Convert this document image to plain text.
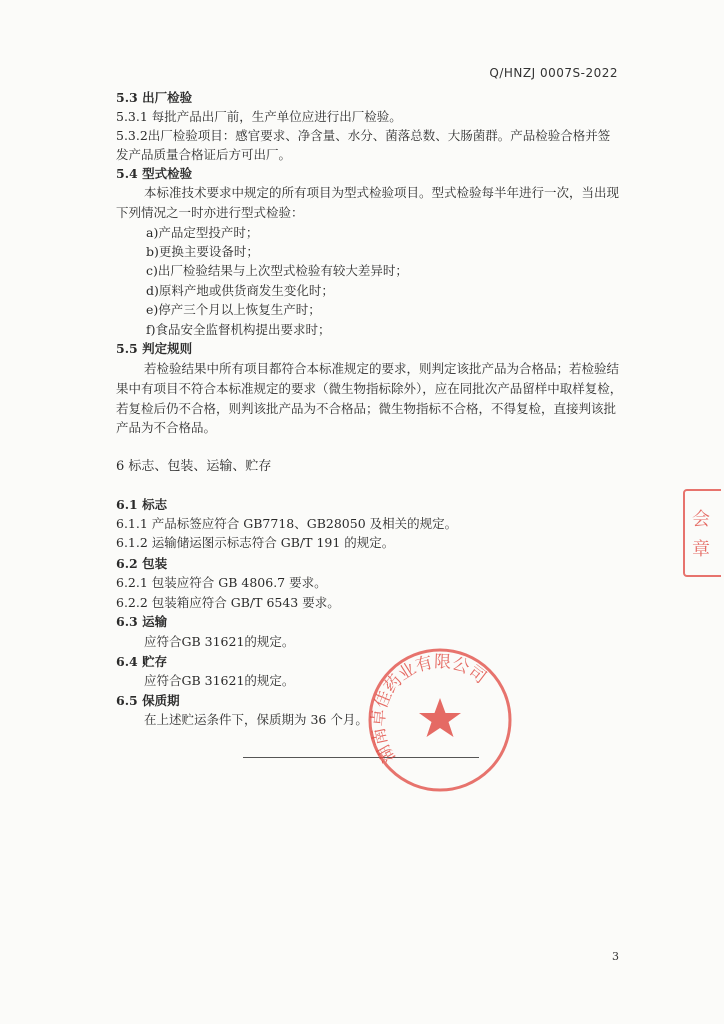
Q/HNZJ 0007S-2022
5.3 出厂检验
5.3.1 每批产品出厂前，生产单位应进行出厂检验。
5.3.2出厂检验项目：感官要求、净含量、水分、菌落总数、大肠菌群。产品检验合格并签
发产品质量合格证后方可出厂。
5.4 型式检验
本标准技术要求中规定的所有项目为型式检验项目。型式检验每半年进行一次，当出现
下列情况之一时亦进行型式检验：
a)产品定型投产时；
b)更换主要设备时；
c)出厂检验结果与上次型式检验有较大差异时；
d)原料产地或供货商发生变化时；
e)停产三个月以上恢复生产时；
f)食品安全监督机构提出要求时；
5.5 判定规则
若检验结果中所有项目都符合本标准规定的要求，则判定该批产品为合格品；若检验结
果中有项目不符合本标准规定的要求（微生物指标除外），应在同批次产品留样中取样复检，
若复检后仍不合格，则判该批产品为不合格品；微生物指标不合格，不得复检，直接判该批
产品为不合格品。
6 标志、包装、运输、贮存
6.1 标志
6.1.1 产品标签应符合 GB7718、GB28050 及相关的规定。
6.1.2 运输储运图示标志符合 GB/T 191 的规定。
6.2 包装
6.2.1 包装应符合 GB 4806.7 要求。
6.2.2 包装箱应符合 GB/T 6543 要求。
6.3 运输
应符合GB 31621的规定。
6.4 贮存
应符合GB 31621的规定。
6.5 保质期
在上述贮运条件下，保质期为 36 个月。
湖南卓佳药业有限公司
会
章
3
